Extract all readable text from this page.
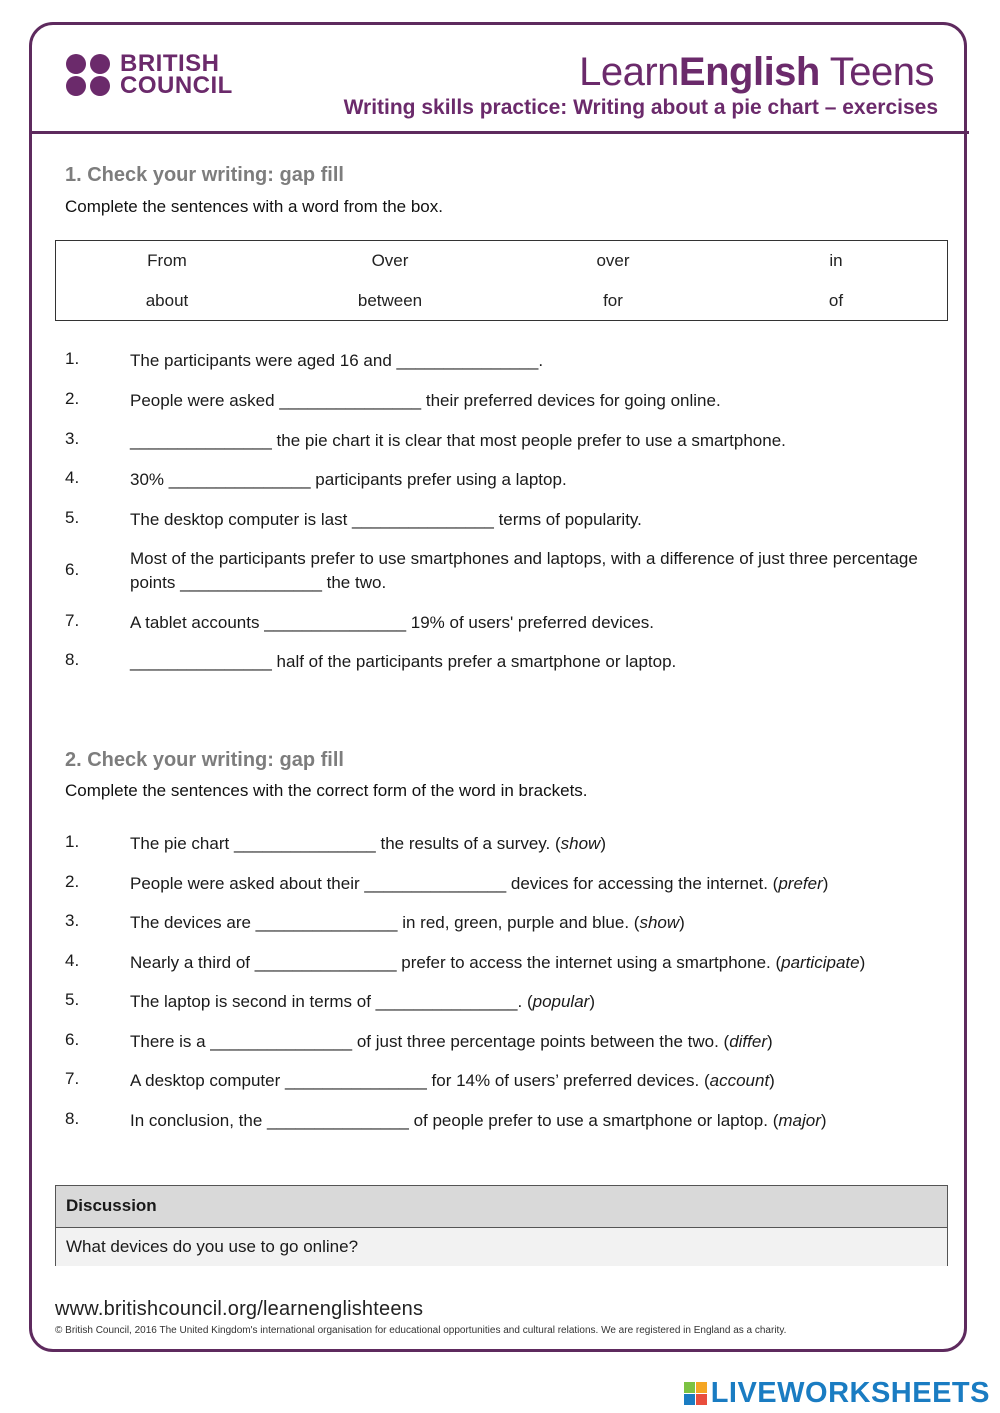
BRITISH
COUNCIL	LearnEnglish Teens
Writing skills practice: Writing about a pie chart – exercises
1. Check your writing: gap fill
Complete the sentences with a word from the box.
From	Over	over	in
about	between	for	of
1.	The participants were aged 16 and _______________.
2.	People were asked _______________ their preferred devices for going online.
3.	_______________ the pie chart it is clear that most people prefer to use a smartphone.
4.	30% _______________ participants prefer using a laptop.
5.	The desktop computer is last _______________ terms of popularity.
6.
Most of the participants prefer to use smartphones and laptops, with a difference of just three percentage points _______________ the two.
7.	A tablet accounts _______________ 19% of users' preferred devices.
8.	_______________ half of the participants prefer a smartphone or laptop.
2. Check your writing: gap fill
Complete the sentences with the correct form of the word in brackets.
1.	The pie chart _______________ the results of a survey. (show)
2.	People were asked about their _______________ devices for accessing the internet. (prefer)
3.	The devices are _______________ in red, green, purple and blue. (show)
4.	Nearly a third of _______________ prefer to access the internet using a smartphone. (participate)
5.	The laptop is second in terms of _______________. (popular)
6.	There is a _______________ of just three percentage points between the two. (differ)
7.	A desktop computer _______________ for 14% of users’ preferred devices. (account)
8.	In conclusion, the _______________ of people prefer to use a smartphone or laptop. (major)
Discussion
What devices do you use to go online?
www.britishcouncil.org/learnenglishteens
© British Council, 2016 The United Kingdom's international organisation for educational opportunities and cultural relations. We are registered in England as a charity.
LIVEWORKSHEETS
